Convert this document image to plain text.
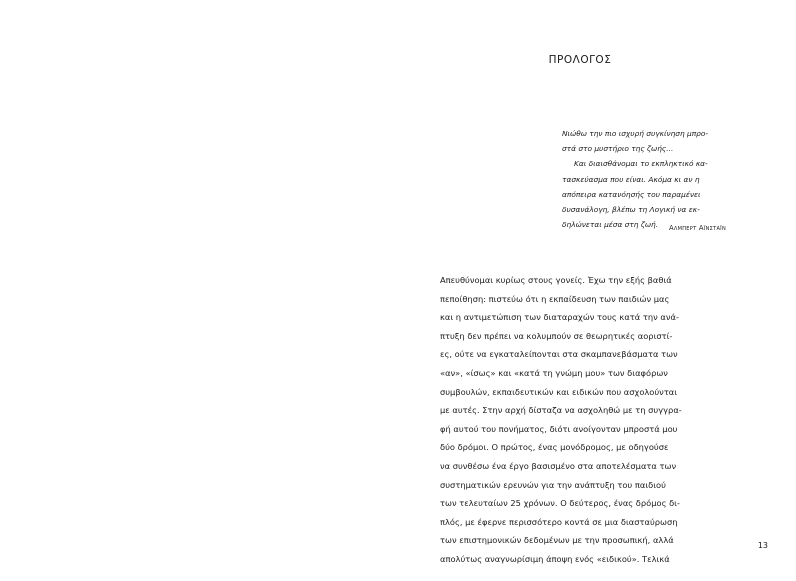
ΠΡΟΛΟΓΟΣ
Νιώθω την πιο ισχυρή συγκίνηση μπρο-
στά στο μυστήριο της ζωής...
Και διαισθάνομαι το εκπληκτικό κα-
τασκεύασμα που είναι. Ακόμα κι αν η
απόπειρα κατανόησής του παραμένει
δυσανάλογη, βλέπω τη Λογική να εκ-
δηλώνεται μέσα στη ζωή.	Αλμπερτ Αϊνσταϊν
Απευθύνομαι κυρίως στους γονείς. Έχω την εξής βαθιά
πεποίθηση: πιστεύω ότι η εκπαίδευση των παιδιών μας
και η αντιμετώπιση των διαταραχών τους κατά την ανά-
πτυξη δεν πρέπει να κολυμπούν σε θεωρητικές αοριστί-
ες, ούτε να εγκαταλείπονται στα σκαμπανεβάσματα των
«αν», «ίσως» και «κατά τη γνώμη μου» των διαφόρων
συμβουλών, εκπαιδευτικών και ειδικών που ασχολούνται
με αυτές. Στην αρχή δίσταζα να ασχοληθώ με τη συγγρα-
φή αυτού του πονήματος, διότι ανοίγονταν μπροστά μου
δύο δρόμοι. Ο πρώτος, ένας μονόδρομος, με οδηγούσε
να συνθέσω ένα έργο βασισμένο στα αποτελέσματα των
συστηματικών ερευνών για την ανάπτυξη του παιδιού
των τελευταίων 25 χρόνων. Ο δεύτερος, ένας δρόμος δι-
πλός, με έφερνε περισσότερο κοντά σε μια διασταύρωση
των επιστημονικών δεδομένων με την προσωπική, αλλά
απολύτως αναγνωρίσιμη άποψη ενός «ειδικού». Τελικά
13
